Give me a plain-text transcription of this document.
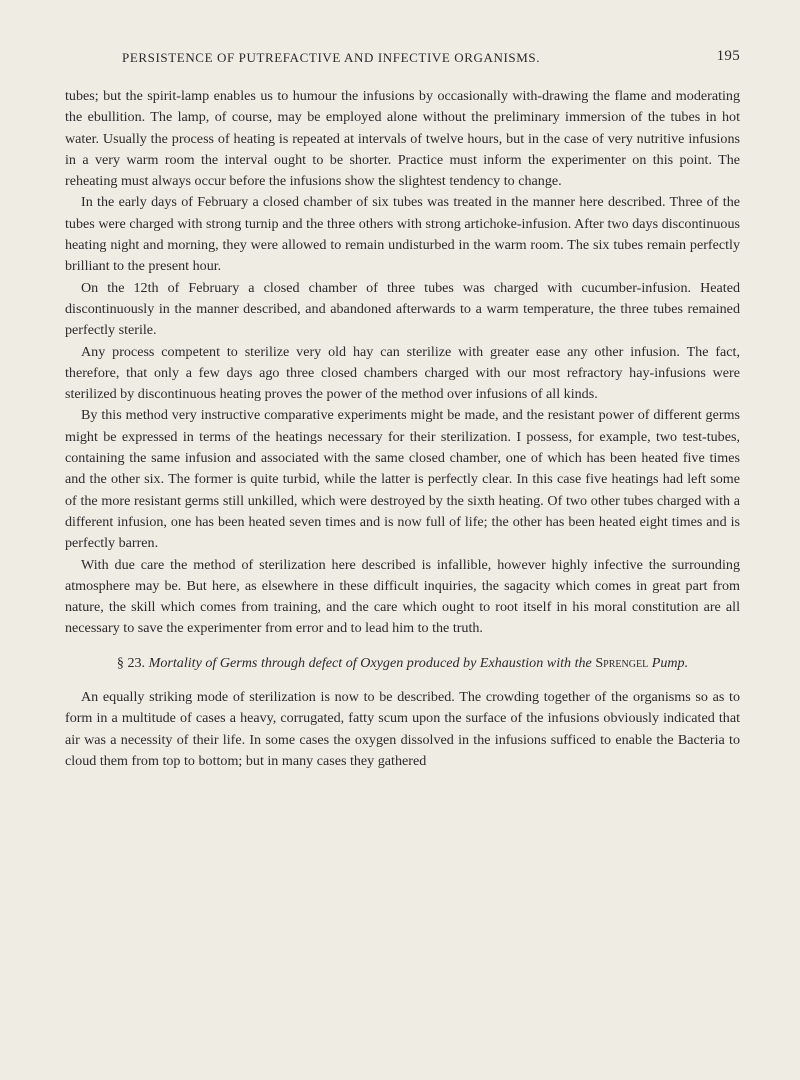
PERSISTENCE OF PUTREFACTIVE AND INFECTIVE ORGANISMS.	195

tubes; but the spirit-lamp enables us to humour the infusions by occasionally with-drawing the flame and moderating the ebullition. The lamp, of course, may be employed alone without the preliminary immersion of the tubes in hot water. Usually the process of heating is repeated at intervals of twelve hours, but in the case of very nutritive infusions in a very warm room the interval ought to be shorter. Practice must inform the experimenter on this point. The reheating must always occur before the infusions show the slightest tendency to change.

In the early days of February a closed chamber of six tubes was treated in the manner here described. Three of the tubes were charged with strong turnip and the three others with strong artichoke-infusion. After two days discontinuous heating night and morning, they were allowed to remain undisturbed in the warm room. The six tubes remain perfectly brilliant to the present hour.

On the 12th of February a closed chamber of three tubes was charged with cucumber-infusion. Heated discontinuously in the manner described, and abandoned afterwards to a warm temperature, the three tubes remained perfectly sterile.

Any process competent to sterilize very old hay can sterilize with greater ease any other infusion. The fact, therefore, that only a few days ago three closed chambers charged with our most refractory hay-infusions were sterilized by discontinuous heating proves the power of the method over infusions of all kinds.

By this method very instructive comparative experiments might be made, and the resistant power of different germs might be expressed in terms of the heatings necessary for their sterilization. I possess, for example, two test-tubes, containing the same infusion and associated with the same closed chamber, one of which has been heated five times and the other six. The former is quite turbid, while the latter is perfectly clear. In this case five heatings had left some of the more resistant germs still unkilled, which were destroyed by the sixth heating. Of two other tubes charged with a different infusion, one has been heated seven times and is now full of life; the other has been heated eight times and is perfectly barren.

With due care the method of sterilization here described is infallible, however highly infective the surrounding atmosphere may be. But here, as elsewhere in these difficult inquiries, the sagacity which comes in great part from nature, the skill which comes from training, and the care which ought to root itself in his moral constitution are all necessary to save the experimenter from error and to lead him to the truth.

§ 23. Mortality of Germs through defect of Oxygen produced by Exhaustion with the Sprengel Pump.

An equally striking mode of sterilization is now to be described. The crowding together of the organisms so as to form in a multitude of cases a heavy, corrugated, fatty scum upon the surface of the infusions obviously indicated that air was a necessity of their life. In some cases the oxygen dissolved in the infusions sufficed to enable the Bacteria to cloud them from top to bottom; but in many cases they gathered
